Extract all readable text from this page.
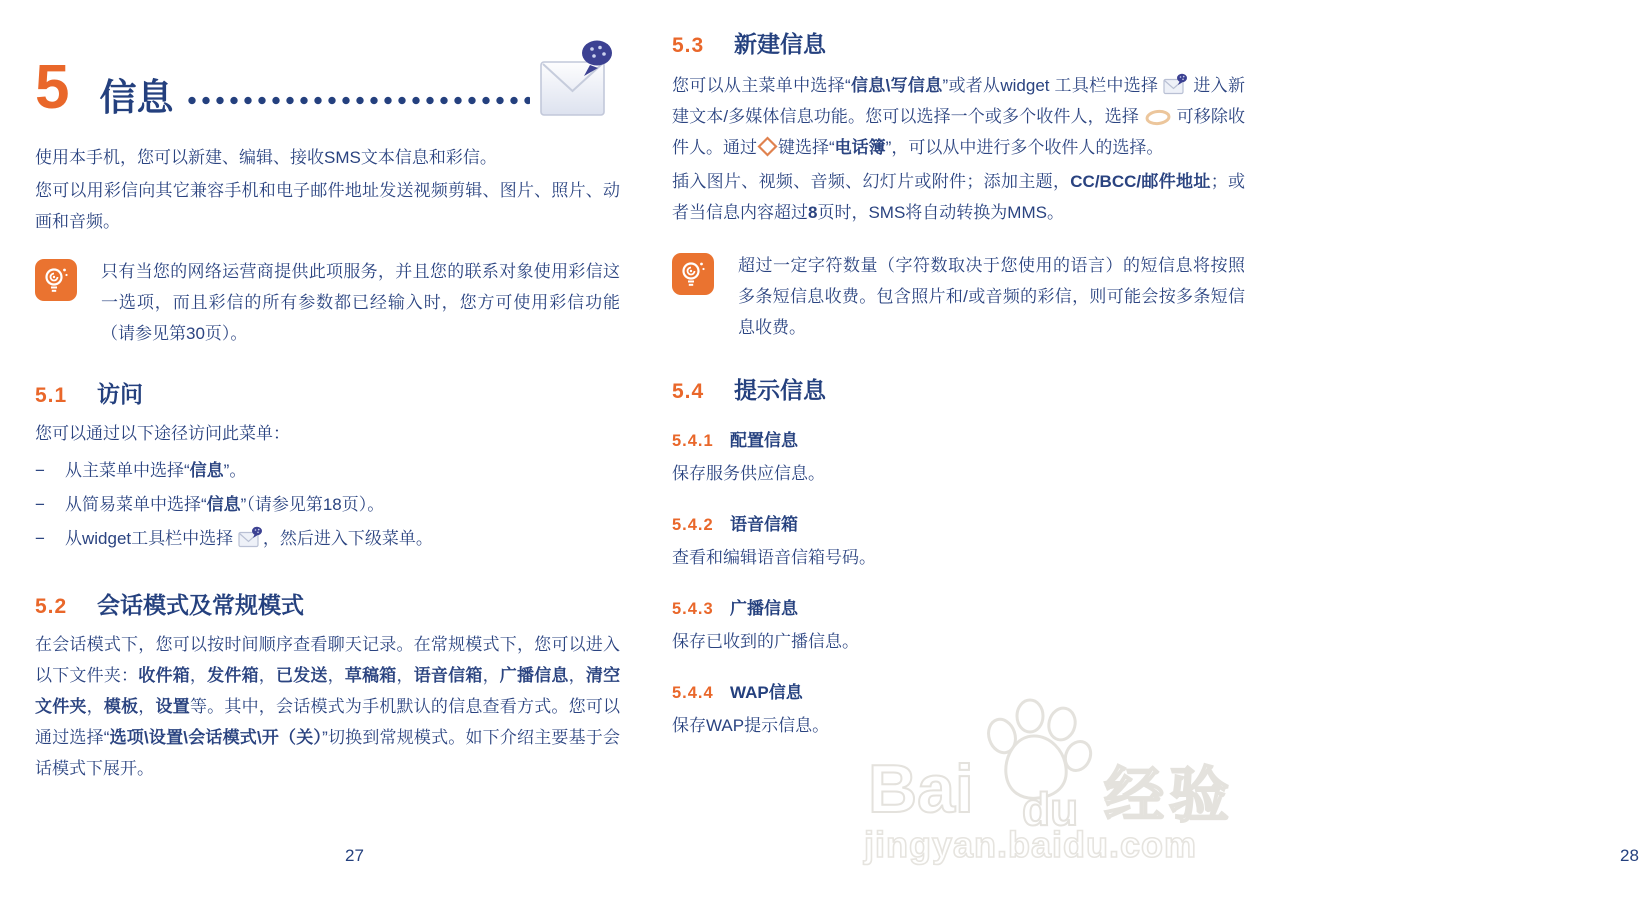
5 信息

使用本手机，您可以新建、编辑、接收SMS文本信息和彩信。

您可以用彩信向其它兼容手机和电子邮件地址发送视频剪辑、图片、照片、动画和音频。

只有当您的网络运营商提供此项服务，并且您的联系对象使用彩信这一选项，而且彩信的所有参数都已经输入时，您方可使用彩信功能（请参见第30页）。

5.1	访问

您可以通过以下途径访问此菜单：

−	从主菜单中选择“信息”。
−	从简易菜单中选择“信息”（请参见第18页）。
−	从widget工具栏中选择 ，然后进入下级菜单。
5.2	会话模式及常规模式

在会话模式下，您可以按时间顺序查看聊天记录。在常规模式下，您可以进入以下文件夹：收件箱，发件箱，已发送，草稿箱，语音信箱，广播信息，清空文件夹，模板，设置等。其中，会话模式为手机默认的信息查看方式。您可以通过选择“选项\设置\会话模式\开（关）”切换到常规模式。如下介绍主要基于会话模式下展开。

27
5.3	新建信息

您可以从主菜单中选择“信息\写信息”或者从widget 工具栏中选择  进入新建文本/多媒体信息功能。您可以选择一个或多个收件人，选择  可移除收件人。通过 键选择“电话簿”，可以从中进行多个收件人的选择。

插入图片、视频、音频、幻灯片或附件；添加主题，CC/BCC/邮件地址；或者当信息内容超过8页时，SMS将自动转换为MMS。

超过一定字符数量（字符数取决于您使用的语言）的短信息将按照多条短信息收费。包含照片和/或音频的彩信，则可能会按多条短信息收费。

5.4	提示信息
5.4.1 配置信息

保存服务供应信息。

5.4.2 语音信箱

查看和编辑语音信箱号码。

5.4.3 广播信息

保存已收到的广播信息。

5.4.4 WAP信息

保存WAP提示信息。

28
Bai du 经验
jingyan.baidu.com
